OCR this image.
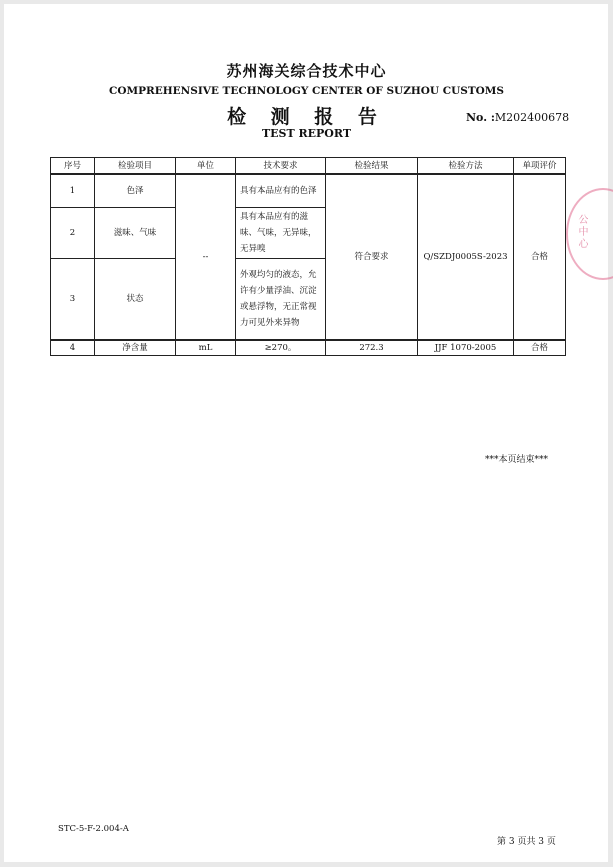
苏州海关综合技术中心
COMPREHENSIVE TECHNOLOGY CENTER OF SUZHOU CUSTOMS
检 测 报 告
TEST REPORT
No. :M202400678
序号	检验项目	单位	技术要求	检验结果	检验方法	单项评价
1	色泽	--	具有本品应有的色泽	符合要求	Q/SZDJ0005S-2023	合格
2	滋味、气味		具有本品应有的滋味、气味，无异味，无异嗅			
3	状态		外观均匀的液态，允许有少量浮油、沉淀或悬浮物，无正常视力可见外来异物			
4	净含量	mL	≥270。	272.3	JJF 1070-2005	合格
公中心
***本页结束***
STC-5-F-2.004-A
第 3 页共 3 页
